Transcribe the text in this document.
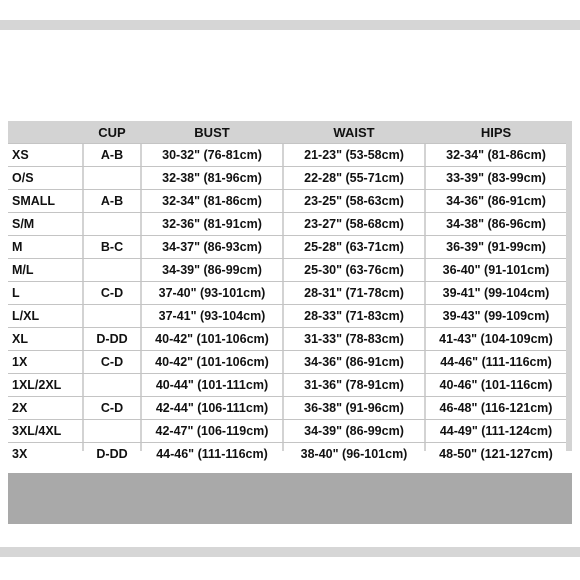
		CUP		BUST		WAIST		HIPS
XS		A-B		30-32" (76-81cm)		21-23" (53-58cm)		32-34" (81-86cm)
O/S				32-38" (81-96cm)		22-28" (55-71cm)		33-39" (83-99cm)
SMALL		A-B		32-34" (81-86cm)		23-25" (58-63cm)		34-36" (86-91cm)
S/M				32-36" (81-91cm)		23-27" (58-68cm)		34-38" (86-96cm)
M		B-C		34-37" (86-93cm)		25-28" (63-71cm)		36-39" (91-99cm)
M/L				34-39" (86-99cm)		25-30" (63-76cm)		36-40" (91-101cm)
L		C-D		37-40" (93-101cm)		28-31" (71-78cm)		39-41" (99-104cm)
L/XL				37-41" (93-104cm)		28-33" (71-83cm)		39-43" (99-109cm)
XL		D-DD		40-42" (101-106cm)		31-33" (78-83cm)		41-43" (104-109cm)
1X		C-D		40-42" (101-106cm)		34-36" (86-91cm)		44-46" (111-116cm)
1XL/2XL				40-44" (101-111cm)		31-36" (78-91cm)		40-46" (101-116cm)
2X		C-D		42-44" (106-111cm)		36-38" (91-96cm)		46-48" (116-121cm)
3XL/4XL				42-47" (106-119cm)		34-39" (86-99cm)		44-49" (111-124cm)
3X		D-DD		44-46" (111-116cm)		38-40" (96-101cm)		48-50" (121-127cm)
